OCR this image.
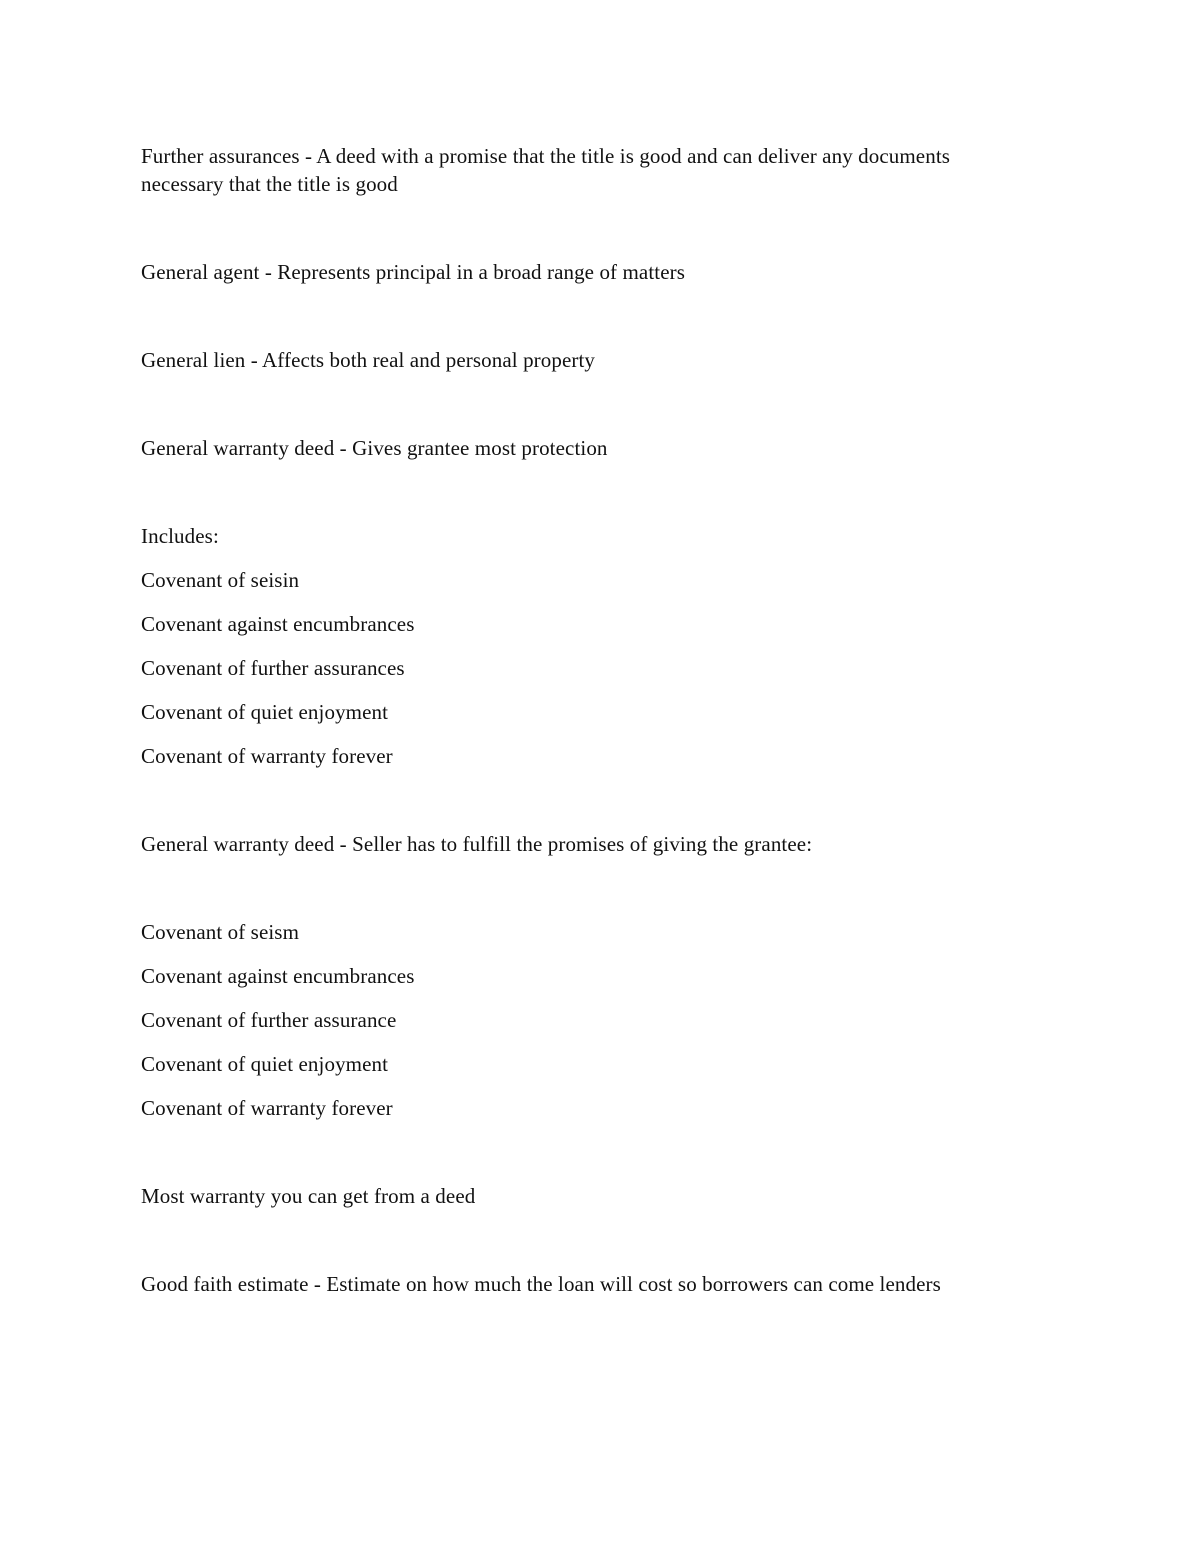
Further assurances - A deed with a promise that the title is good and can deliver any documents
necessary that the title is good
General agent - Represents principal in a broad range of matters
General lien - Affects both real and personal property
General warranty deed - Gives grantee most protection
Includes:
Covenant of seisin
Covenant against encumbrances
Covenant of further assurances
Covenant of quiet enjoyment
Covenant of warranty forever
General warranty deed - Seller has to fulfill the promises of giving the grantee:
Covenant of seism
Covenant against encumbrances
Covenant of further assurance
Covenant of quiet enjoyment
Covenant of warranty forever
Most warranty you can get from a deed
Good faith estimate - Estimate on how much the loan will cost so borrowers can come lenders
